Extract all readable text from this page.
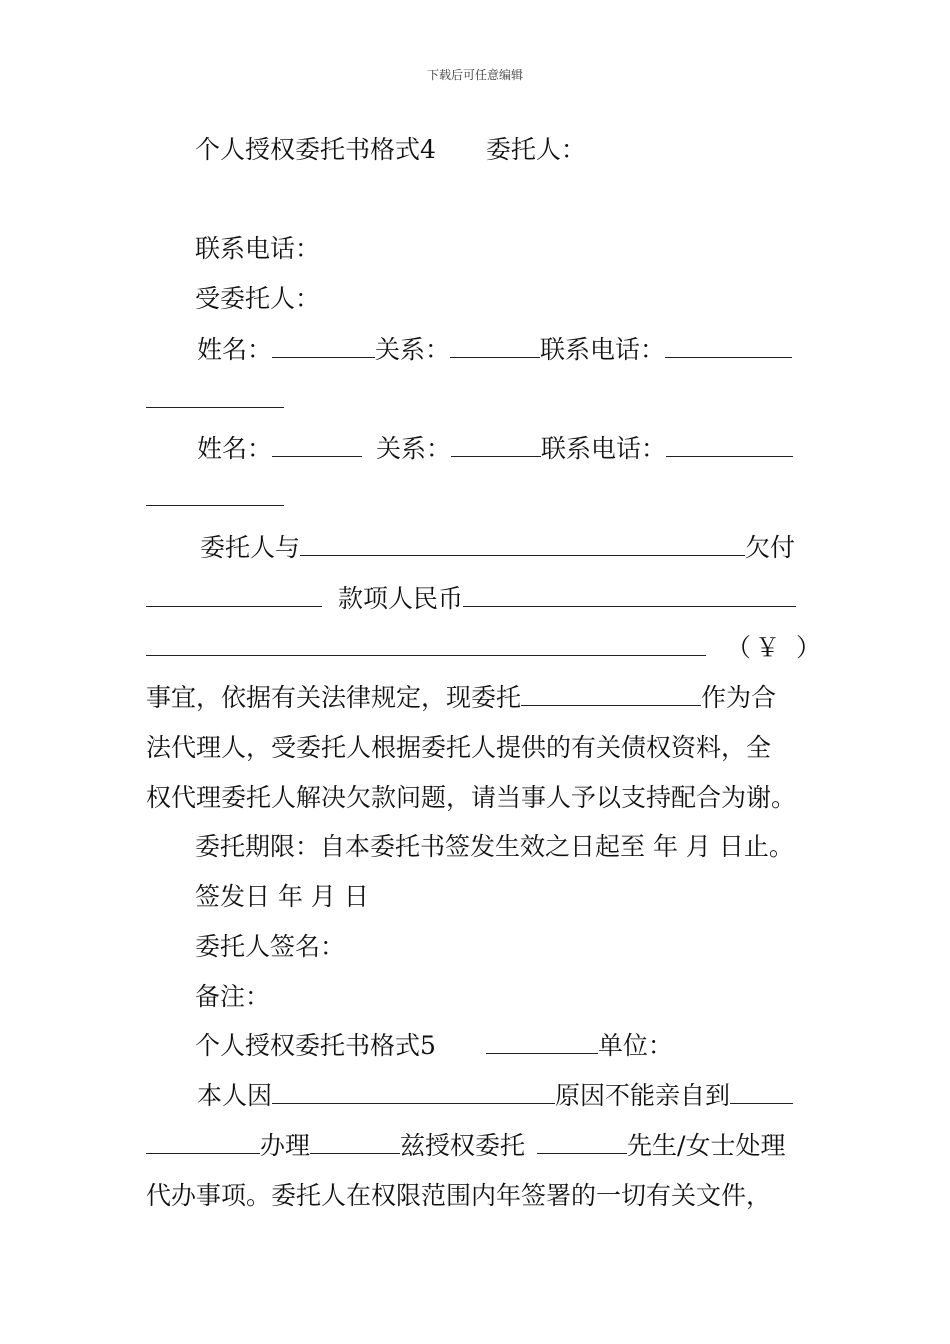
下载后可任意编辑
个人授权委托书格式4 委托人：
联系电话：
受委托人：
姓名：	关系：	联系电话：
姓名：	关系：	联系电话：
委托人与	欠付
款项人民币
（ ￥ ）
事宜，依据有关法律规定，现委托	作为合
法代理人，受委托人根据委托人提供的有关债权资料，全
权代理委托人解决欠款问题，请当事人予以支持配合为谢。
委托期限：自本委托书签发生效之日起至 年 月 日止。
签发日 年 月 日
委托人签名：
备注：
个人授权委托书格式5	单位：
本人因	原因不能亲自到
办理	兹授权委托	先生/女士处理
代办事项。委托人在权限范围内年签署的一切有关文件，
